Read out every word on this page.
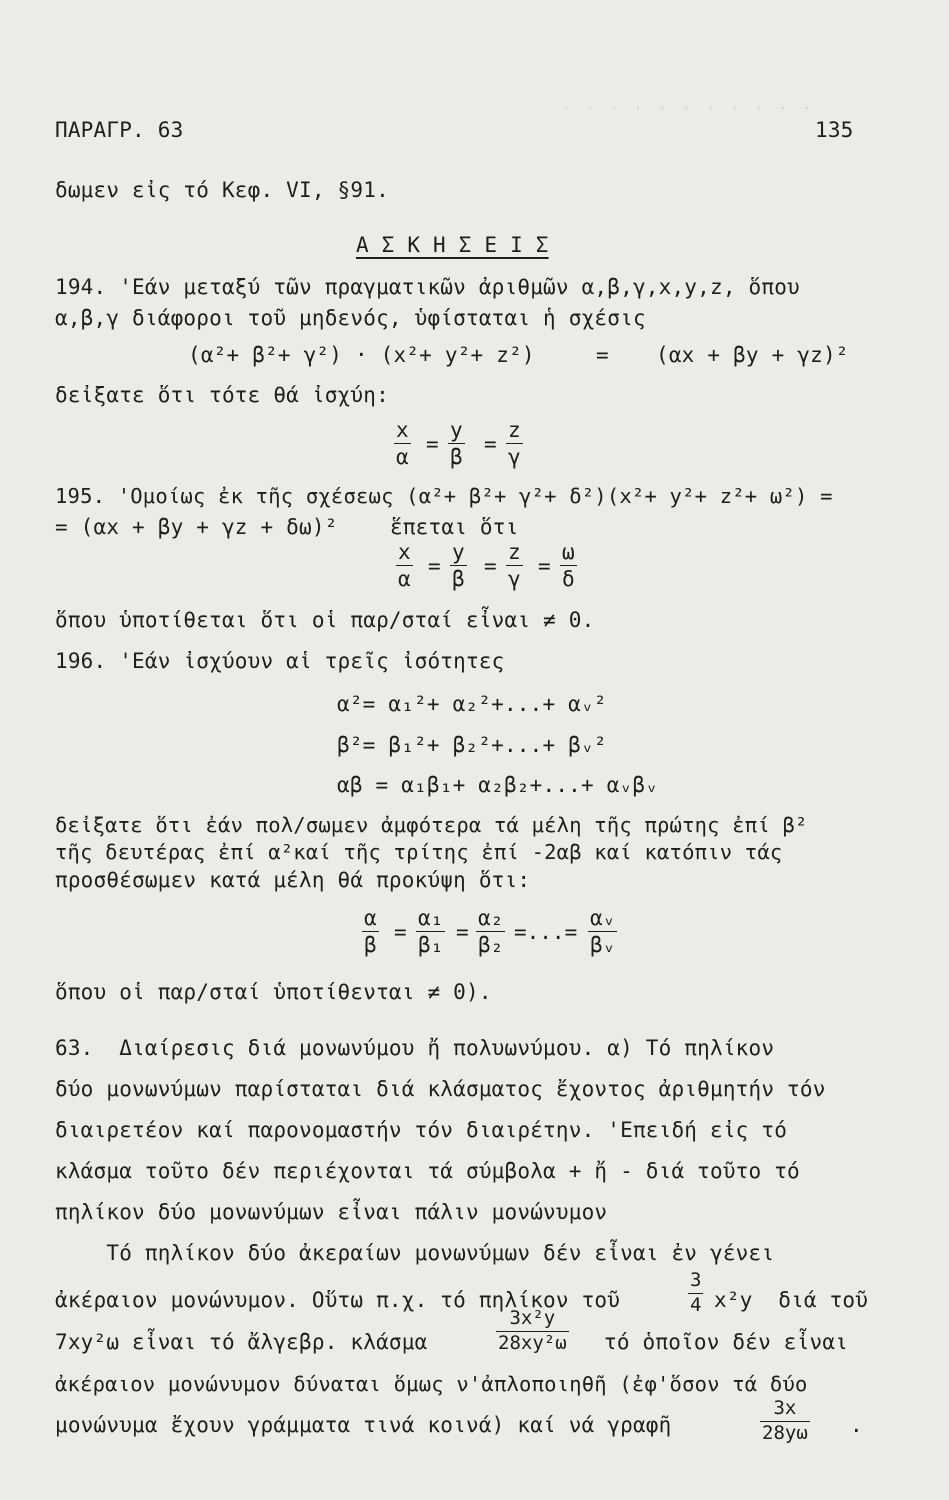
· · · · · · · · · · ·
ΠΑΡΑΓΡ. 63	135
δωμεν εἰς τό Κεφ. VI, §91.
Α Σ Κ Η Σ Ε Ι Σ
194. 'Εάν μεταξύ τῶν πραγματικῶν ἀριθμῶν α,β,γ,x,y,z, ὅπου
α,β,γ διάφοροι τοῦ μηδενός, ὑφίσταται ἡ σχέσις
(α²+ β²+ γ²) · (x²+ y²+ z²)	= (αx + βy + γz)²
δεἰξατε ὅτι τότε θά ἰσχύη:
x
α
=
y
β
=
z
γ
195. 'Ομοίως ἐκ τῆς σχέσεως (α²+ β²+ γ²+ δ²)(x²+ y²+ z²+ ω²) =
= (αx + βy + γz + δω)² ἕπεται ὅτι
x
α
=
y
β
=
z
γ
=
ω
δ
ὅπου ὑποτίθεται ὅτι οἱ παρ/σταί εἶναι ≠ 0.
196. 'Εάν ἰσχύουν αἱ τρεῖς ἰσότητες
α²= α₁²+ α₂²+...+ αᵥ²
β²= β₁²+ β₂²+...+ βᵥ²
αβ = α₁β₁+ α₂β₂+...+ αᵥβᵥ
δεἰξατε ὅτι ἐάν πολ/σωμεν ἀμφότερα τά μέλη τῆς πρώτης ἐπί β²
τῆς δευτέρας ἐπί α²καί τῆς τρίτης ἐπί -2αβ καί κατόπιν τάς
προσθέσωμεν κατά μέλη θά προκύψη ὅτι:
α
β
=
α₁
β₁
=
α₂
β₂
=...=
αᵥ
βᵥ
ὅπου οἱ παρ/σταί ὑποτίθενται ≠ 0).
63.  Διαίρεσις διά μονωνύμου ἤ πολυωνύμου. α) Τό πηλίκον
δύο μονωνύμων παρίσταται διά κλάσματος ἔχοντος ἀριθμητήν τόν
διαιρετέον καί παρονομαστήν τόν διαιρέτην. 'Επειδή εἰς τό
κλάσμα τοῦτο δέν περιέχονται τά σύμβολα + ἤ - διά τοῦτο τό
πηλίκον δύο μονωνύμων εἶναι πάλιν μονώνυμον
Τό πηλίκον δύο ἀκεραίων μονωνύμων δέν εἶναι ἐν γένει
ἀκέραιον μονώνυμον. Οὕτω π.χ. τό πηλίκον τοῦ
3
4 x²y  διά τοῦ
7xy²ω εἶναι τό ἄλγεβρ. κλάσμα
3x²y
28xy²ω τό ὁποῖον δέν εἶναι
ἀκέραιον μονώνυμον δύναται ὅμως ν'ἀπλοποιηθῆ (ἐφ'ὅσον τά δύο
μονώνυμα ἔχουν γράμματα τινά κοινά) καί νά γραφῆ
3x
28yω .
